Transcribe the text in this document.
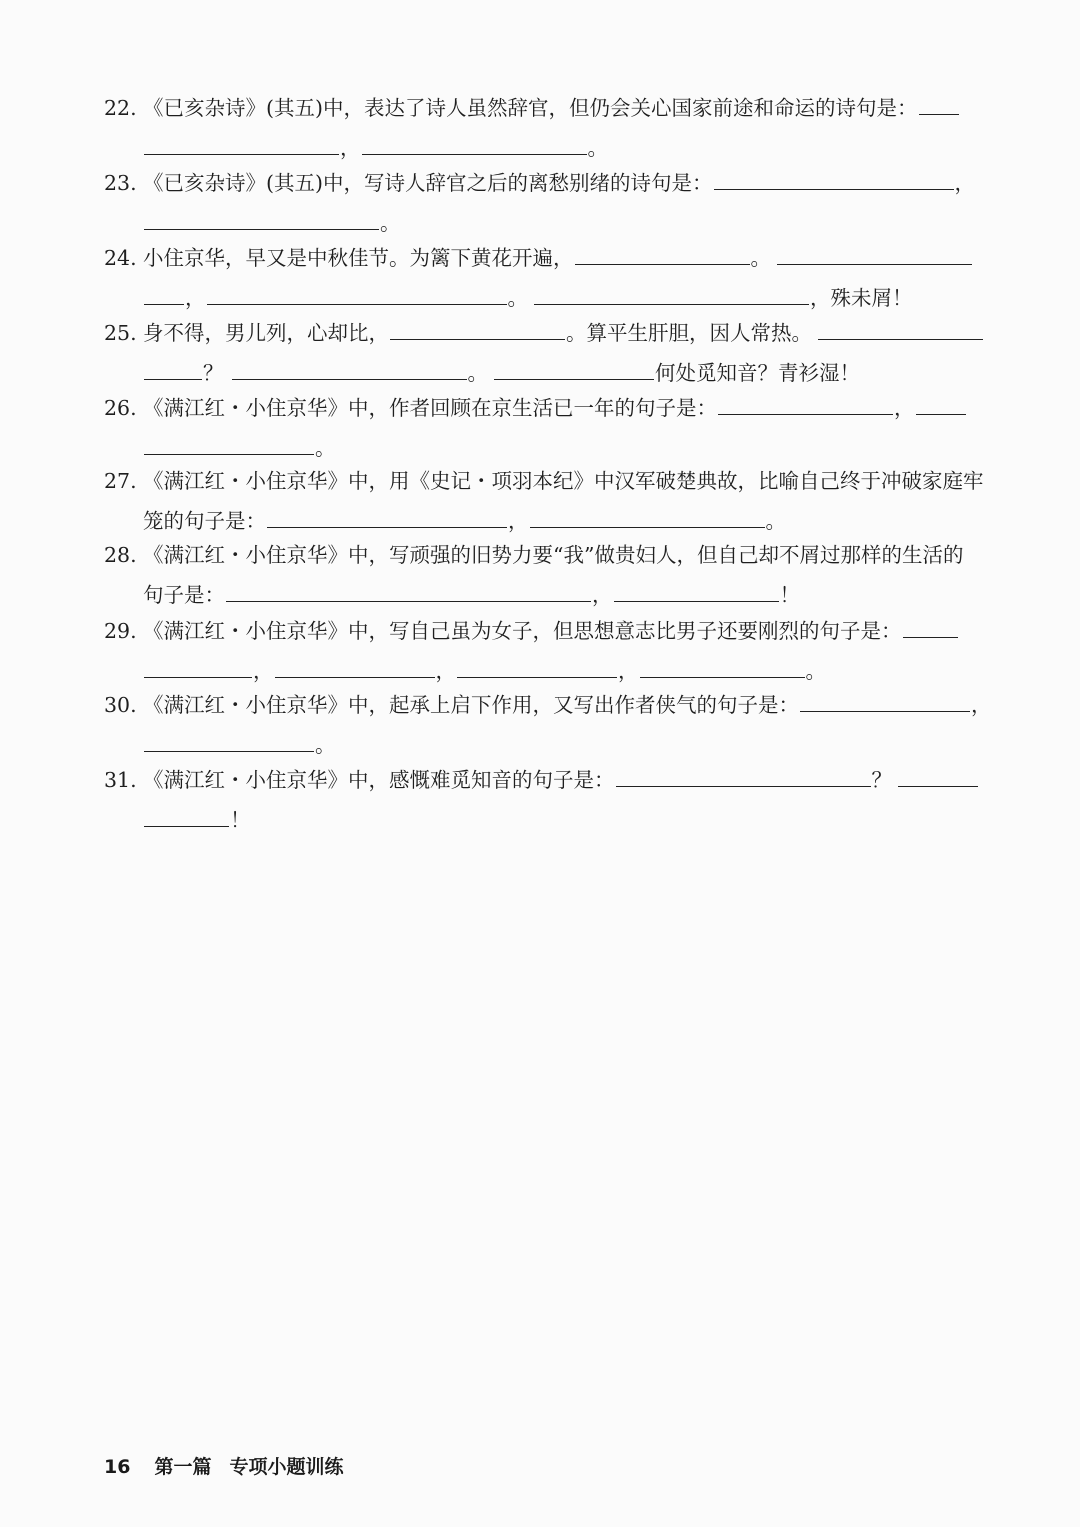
22. 《已亥杂诗》(其五)中，表达了诗人虽然辞官，但仍会关心国家前途和命运的诗句是：
，	。
23. 《已亥杂诗》(其五)中，写诗人辞官之后的离愁别绪的诗句是：	，
。
24. 小住京华，早又是中秋佳节。为篱下黄花开遍，	。
，	。	，殊未屑！
25. 身不得，男儿列，心却比，	。算平生肝胆，因人常热。
？	。	何处觅知音？青衫湿！
26. 《满江红・小住京华》中，作者回顾在京生活已一年的句子是：	，
。
27. 《满江红・小住京华》中，用《史记・项羽本纪》中汉军破楚典故，比喻自己终于冲破家庭牢
笼的句子是：	，	。
28. 《满江红・小住京华》中，写顽强的旧势力要“我”做贵妇人，但自己却不屑过那样的生活的
句子是：	，	！
29. 《满江红・小住京华》中，写自己虽为女子，但思想意志比男子还要刚烈的句子是：
，	，	，	。
30. 《满江红・小住京华》中，起承上启下作用，又写出作者侠气的句子是：	，
。
31. 《满江红・小住京华》中，感慨难觅知音的句子是：	？
！
16 第一篇 专项小题训练
